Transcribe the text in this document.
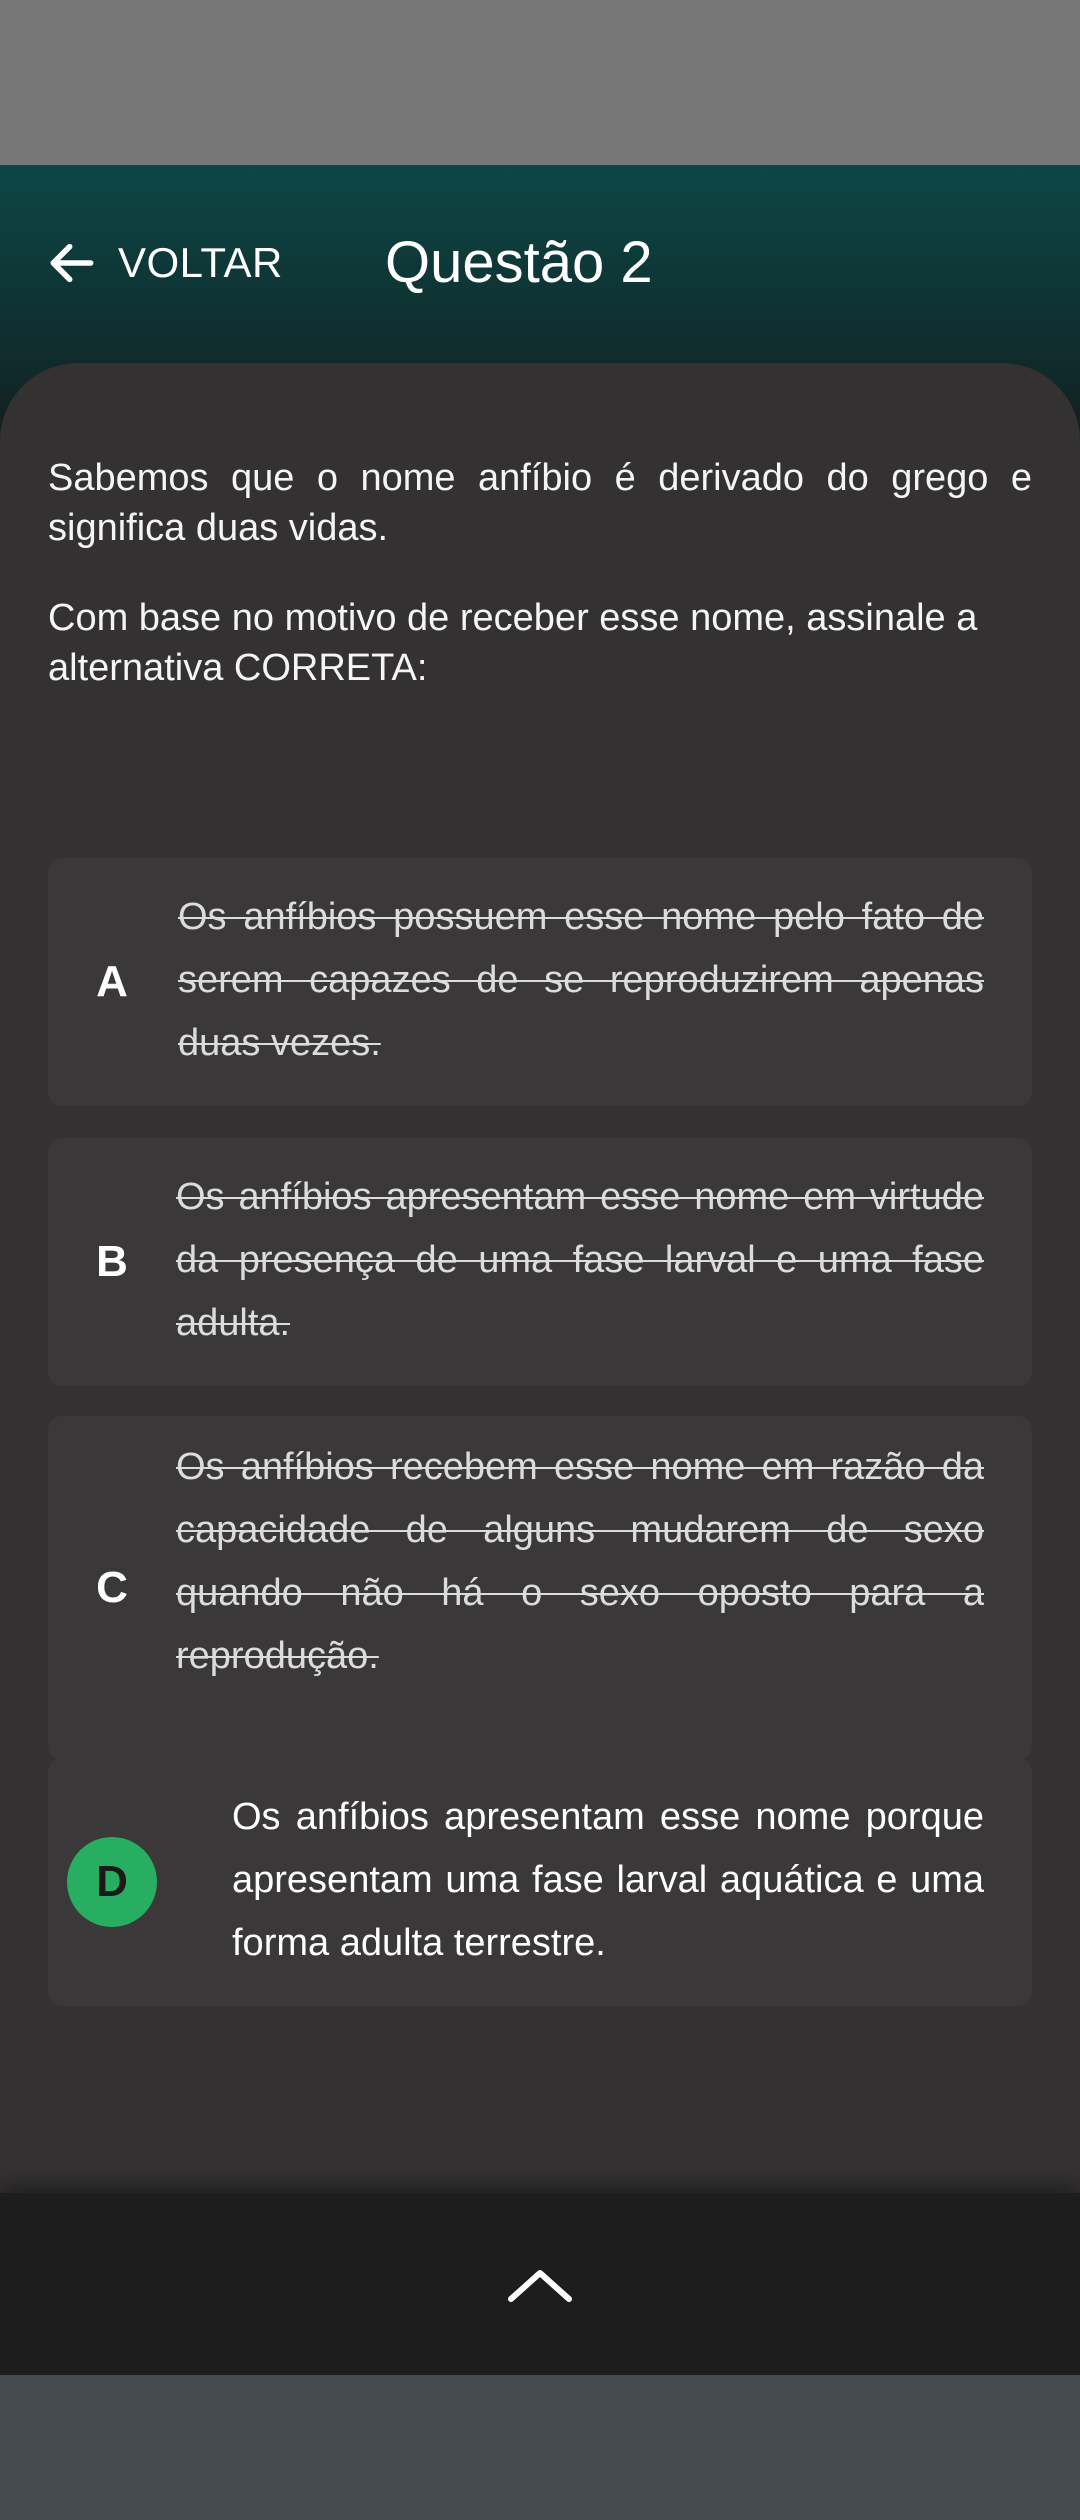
VOLTAR Questão 2

Sabemos que o nome anfíbio é derivado do grego e significa duas vidas.

Com base no motivo de receber esse nome, assinale a alternativa CORRETA:

A
Os anfíbios possuem esse nome pelo fato de serem capazes de se reproduzirem apenas duas vezes.
B
Os anfíbios apresentam esse nome em virtude da presença de uma fase larval e uma fase adulta.
C
Os anfíbios recebem esse nome em razão da capacidade de alguns mudarem de sexo quando não há o sexo oposto para a reprodução.
D
Os anfíbios apresentam esse nome porque apresentam uma fase larval aquática e uma forma adulta terrestre.
